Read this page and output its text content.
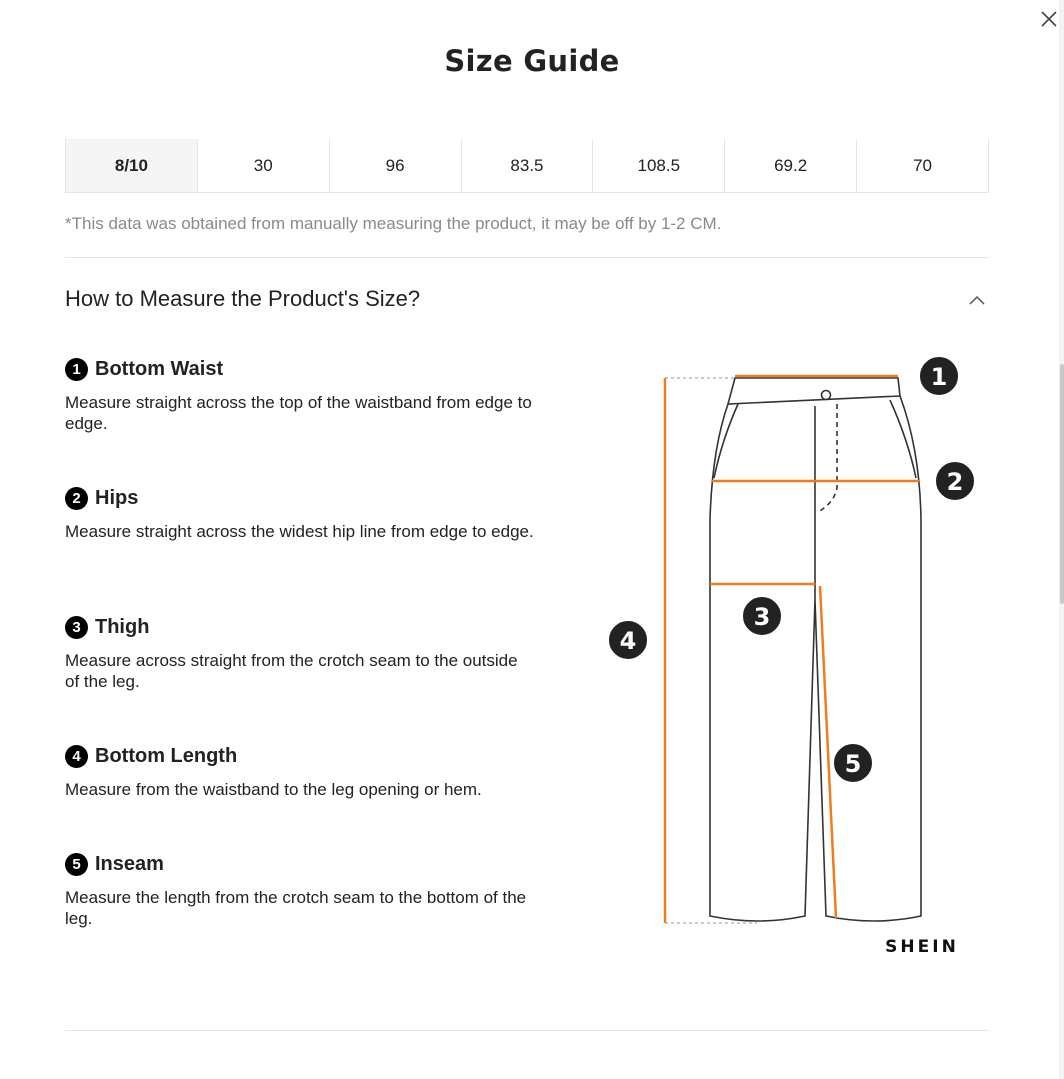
Size Guide
8/10	30	96	83.5	108.5	69.2	70
*This data was obtained from manually measuring the product, it may be off by 1-2 CM.
How to Measure the Product's Size?
1 Bottom Waist
Measure straight across the top of the waistband from edge to edge.
2 Hips
Measure straight across the widest hip line from edge to edge.
3 Thigh
Measure across straight from the crotch seam to the outside of the leg.
4 Bottom Length
Measure from the waistband to the leg opening or hem.
5 Inseam
Measure the length from the crotch seam to the bottom of the leg.
1
2
3
4
5
SHEIN
